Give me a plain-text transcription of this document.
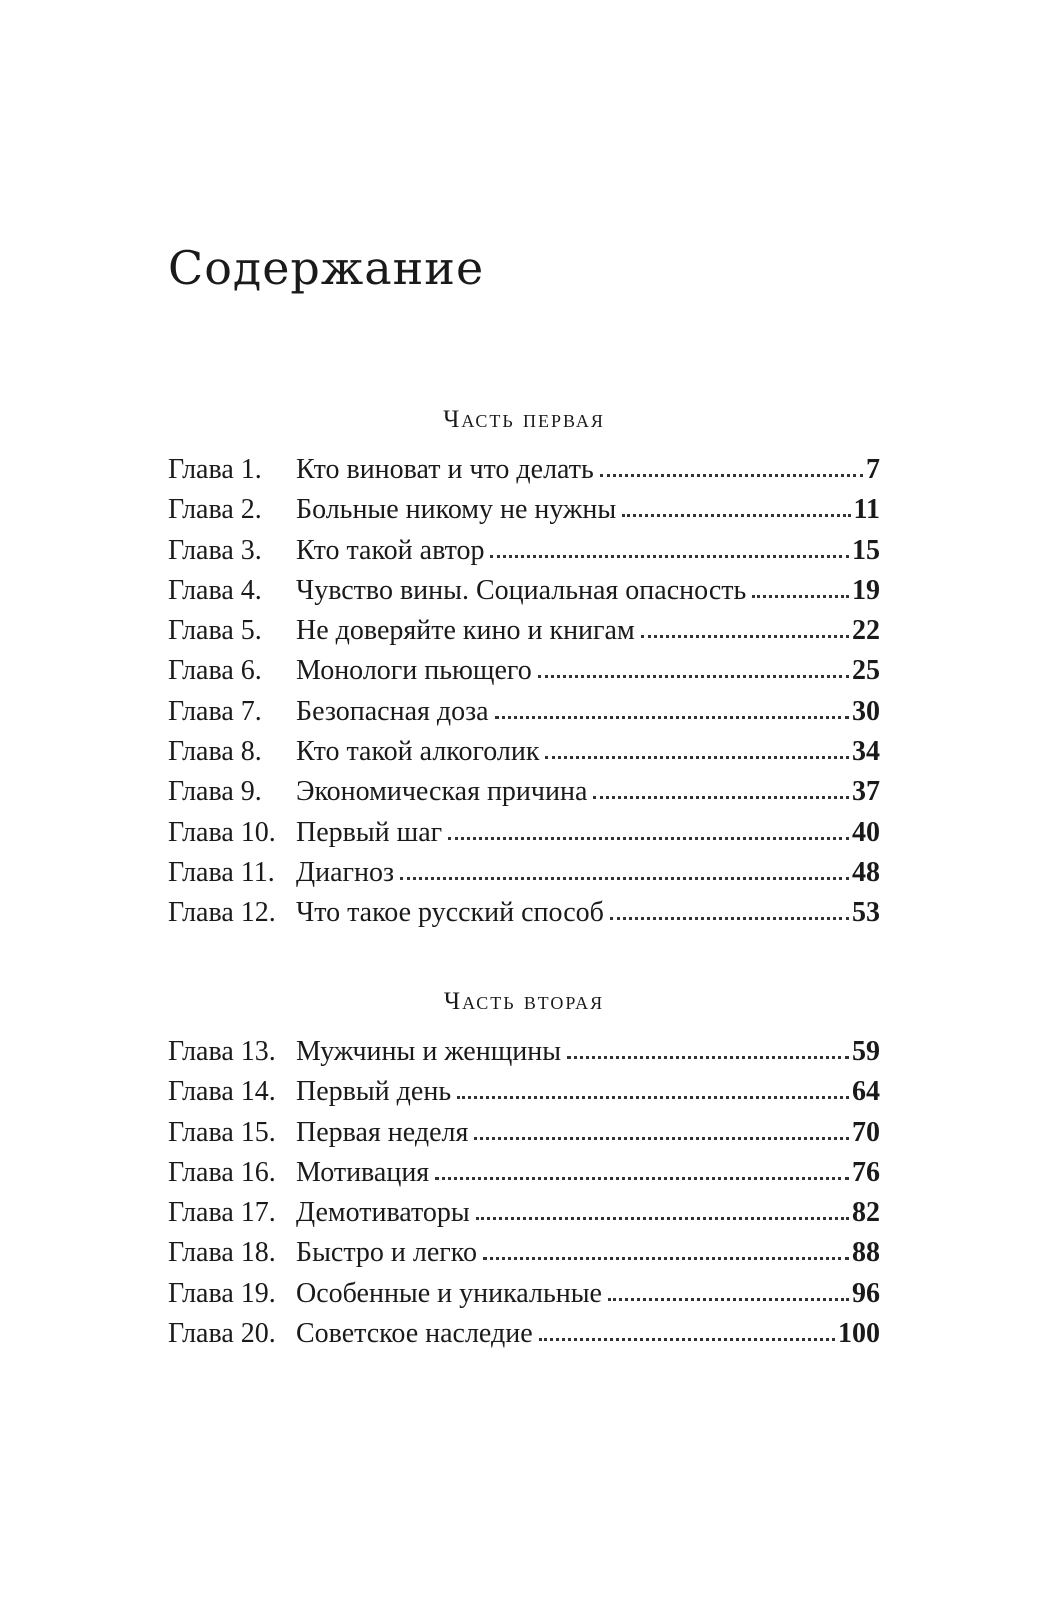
Содержание
Часть первая
Глава 1.	Кто виноват и что делать	7
Глава 2.	Больные никому не нужны	11
Глава 3.	Кто такой автор	15
Глава 4.	Чувство вины. Социальная опасность	19
Глава 5.	Не доверяйте кино и книгам	22
Глава 6.	Монологи пьющего	25
Глава 7.	Безопасная доза	30
Глава 8.	Кто такой алкоголик	34
Глава 9.	Экономическая причина	37
Глава 10. Первый шаг	40
Глава 11. Диагноз	48
Глава 12. Что такое русский способ	53
Часть вторая
Глава 13. Мужчины и женщины	59
Глава 14. Первый день	64
Глава 15. Первая неделя	70
Глава 16. Мотивация	76
Глава 17. Демотиваторы	82
Глава 18. Быстро и легко	88
Глава 19. Особенные и уникальные	96
Глава 20. Советское наследие	100
